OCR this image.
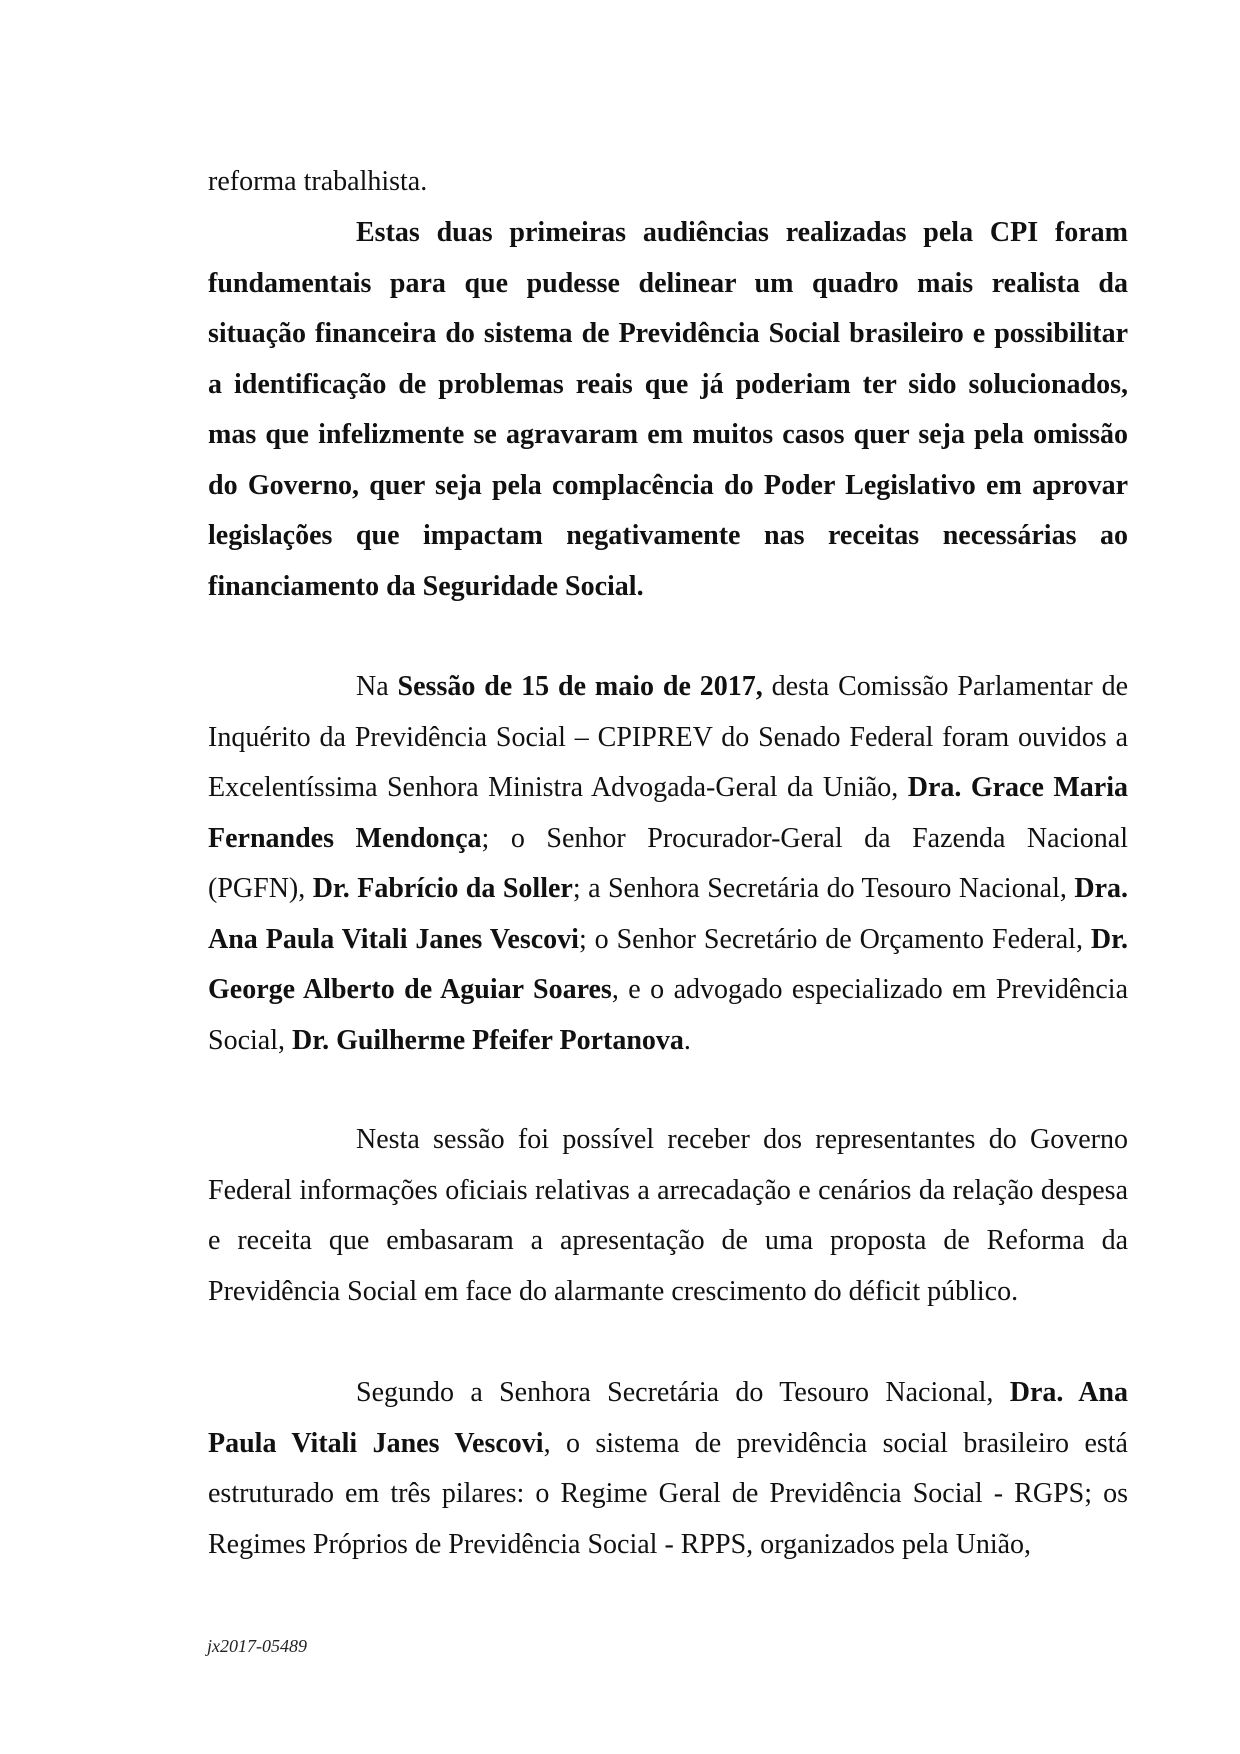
reforma trabalhista.
Estas duas primeiras audiências realizadas pela CPI foram fundamentais para que pudesse delinear um quadro mais realista da situação financeira do sistema de Previdência Social brasileiro e possibilitar a identificação de problemas reais que já poderiam ter sido solucionados, mas que infelizmente se agravaram em muitos casos quer seja pela omissão do Governo, quer seja pela complacência do Poder Legislativo em aprovar legislações que impactam negativamente nas receitas necessárias ao financiamento da Seguridade Social.
Na Sessão de 15 de maio de 2017, desta Comissão Parlamentar de Inquérito da Previdência Social – CPIPREV do Senado Federal foram ouvidos a Excelentíssima Senhora Ministra Advogada-Geral da União, Dra. Grace Maria Fernandes Mendonça; o Senhor Procurador-Geral da Fazenda Nacional (PGFN), Dr. Fabrício da Soller; a Senhora Secretária do Tesouro Nacional, Dra. Ana Paula Vitali Janes Vescovi; o Senhor Secretário de Orçamento Federal, Dr. George Alberto de Aguiar Soares, e o advogado especializado em Previdência Social, Dr. Guilherme Pfeifer Portanova.
Nesta sessão foi possível receber dos representantes do Governo Federal informações oficiais relativas a arrecadação e cenários da relação despesa e receita que embasaram a apresentação de uma proposta de Reforma da Previdência Social em face do alarmante crescimento do déficit público.
Segundo a Senhora Secretária do Tesouro Nacional, Dra. Ana Paula Vitali Janes Vescovi, o sistema de previdência social brasileiro está estruturado em três pilares: o Regime Geral de Previdência Social - RGPS; os Regimes Próprios de Previdência Social - RPPS, organizados pela União,
jx2017-05489
